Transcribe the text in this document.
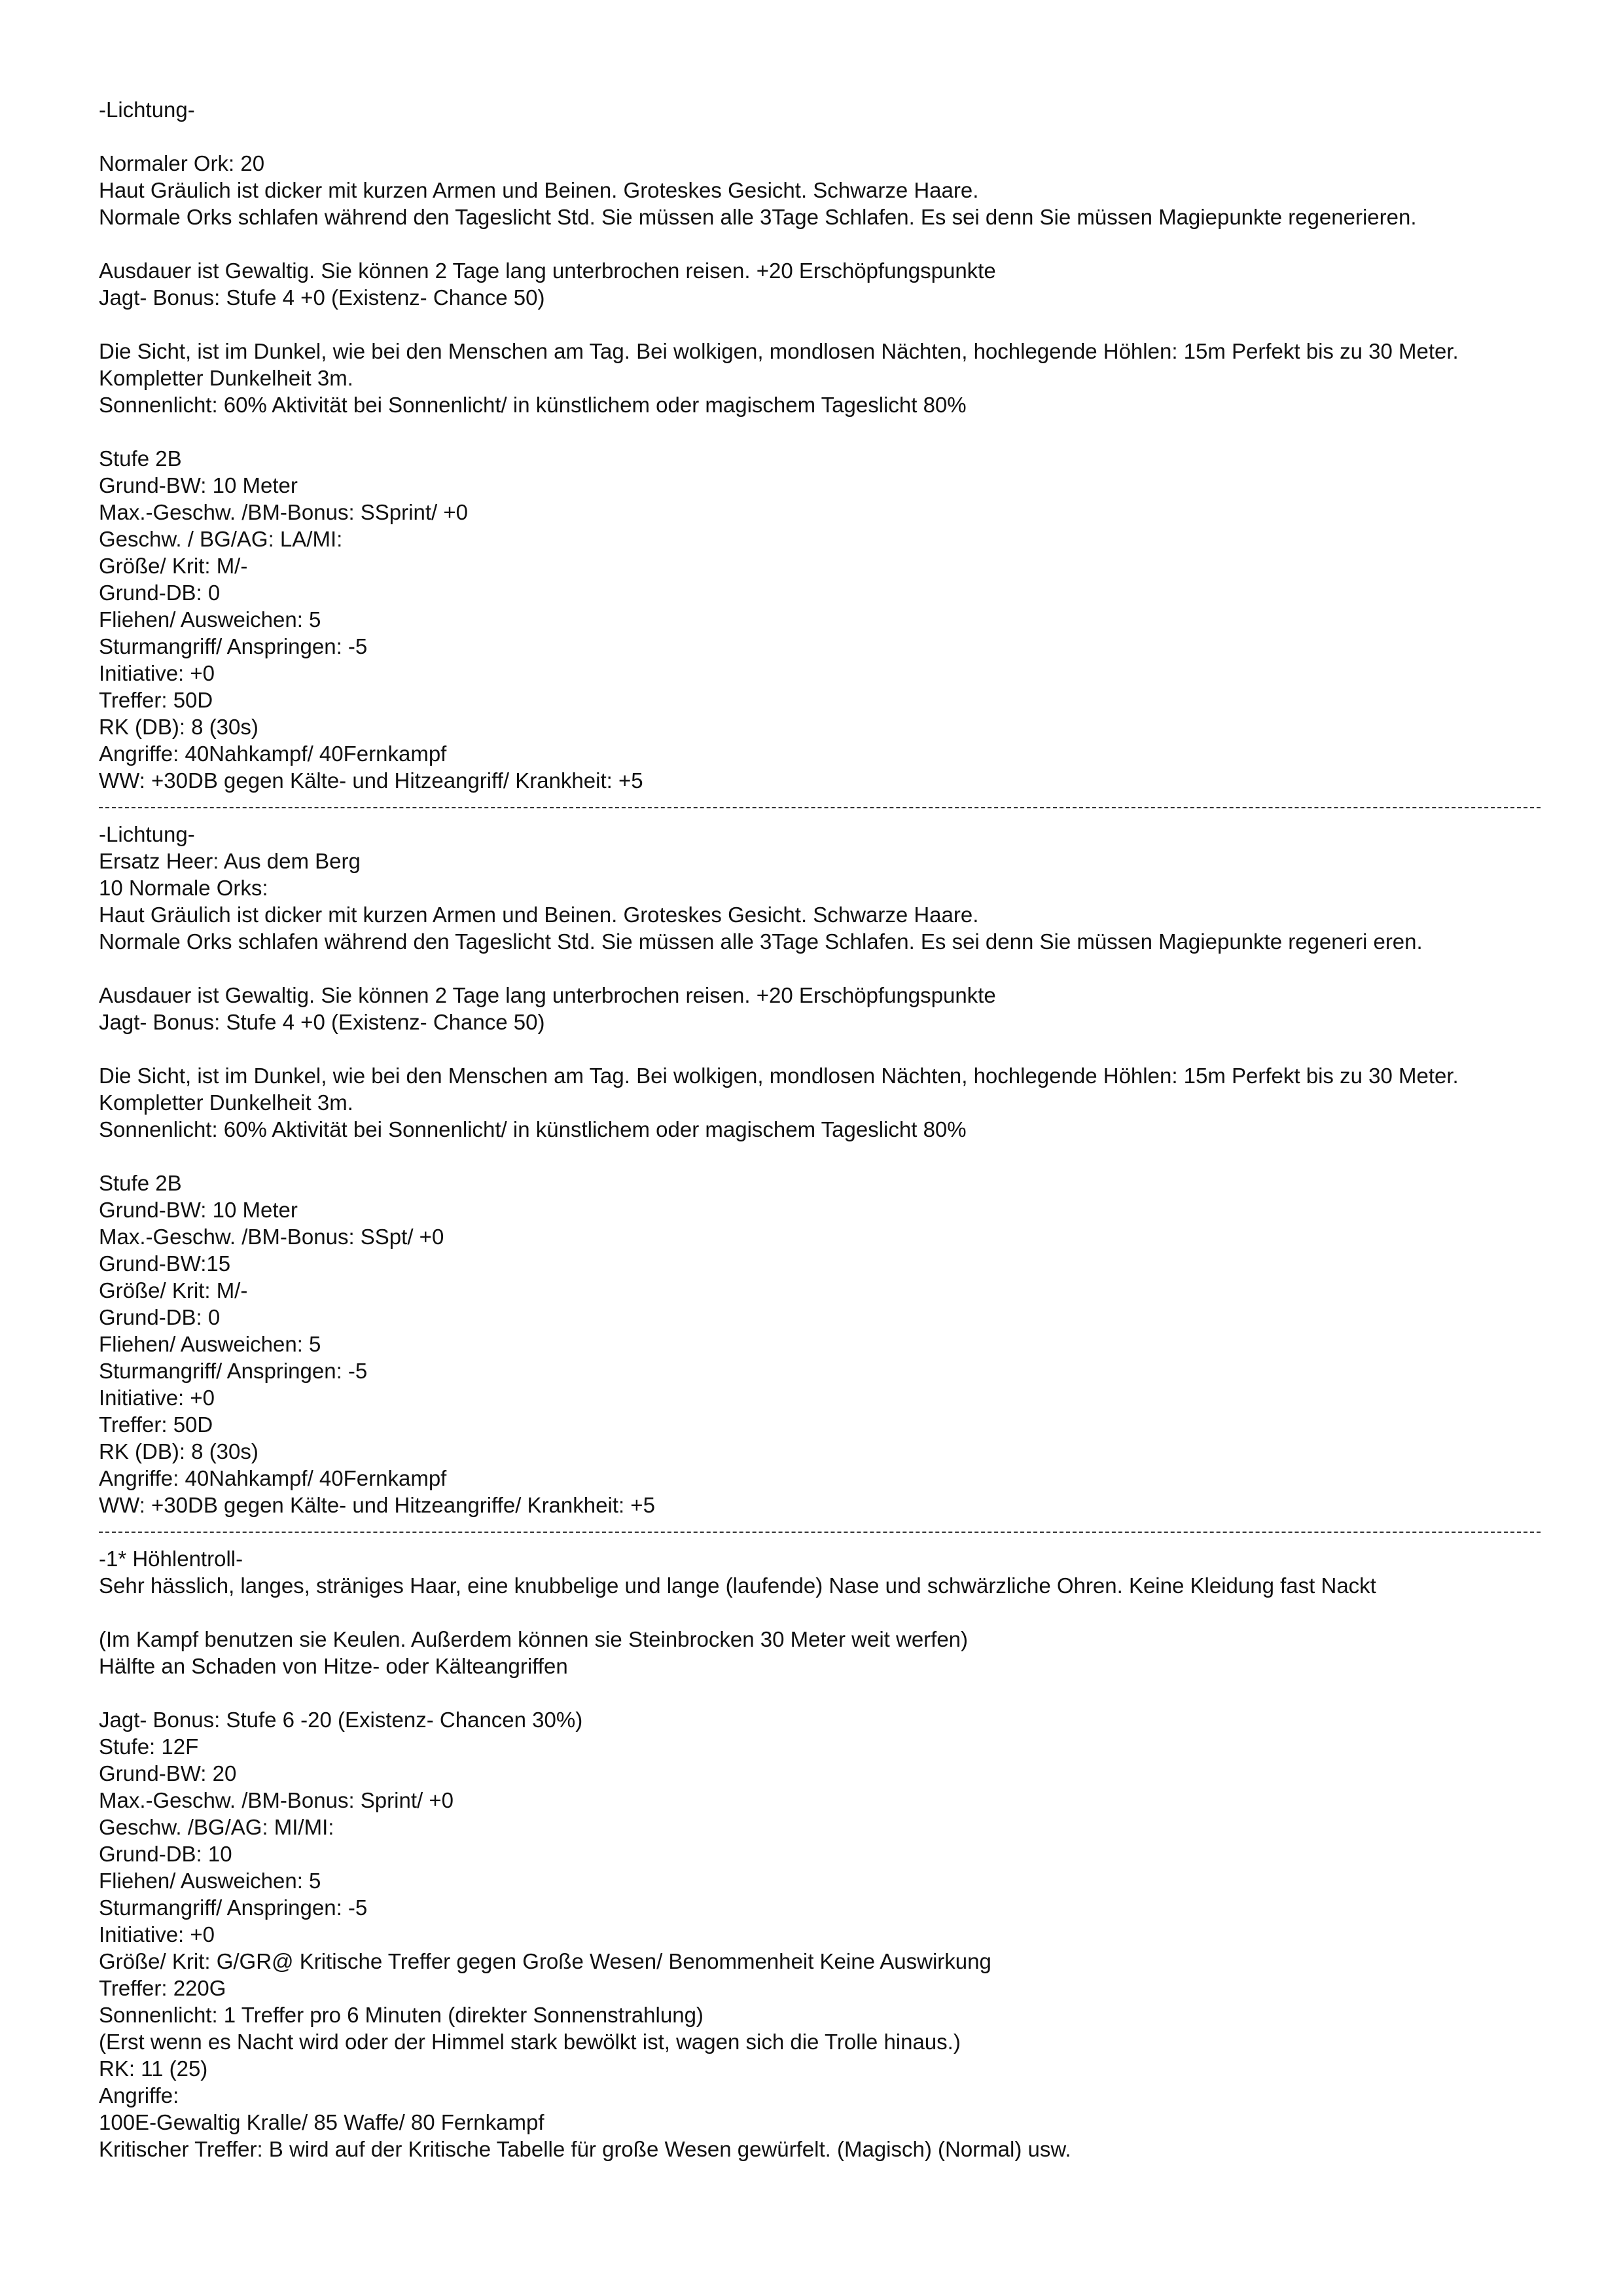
-Lichtung-
Normaler Ork: 20
Haut Gräulich ist dicker mit kurzen Armen und Beinen. Groteskes Gesicht. Schwarze Haare.
Normale Orks schlafen während den Tageslicht Std. Sie müssen alle 3Tage Schlafen. Es sei denn Sie müssen Magiepunkte regenerieren.
Ausdauer ist Gewaltig. Sie können 2 Tage lang unterbrochen reisen. +20 Erschöpfungspunkte
Jagt- Bonus: Stufe 4 +0 (Existenz- Chance 50)
Die Sicht, ist im Dunkel, wie bei den Menschen am Tag. Bei wolkigen, mondlosen Nächten, hochlegende Höhlen: 15m Perfekt bis zu 30 Meter.
Kompletter Dunkelheit 3m.
Sonnenlicht: 60% Aktivität bei Sonnenlicht/ in künstlichem oder magischem Tageslicht 80%
Stufe 2B
Grund-BW: 10 Meter
Max.-Geschw. /BM-Bonus: SSprint/ +0
Geschw. / BG/AG: LA/MI:
Größe/ Krit: M/-
Grund-DB: 0
Fliehen/ Ausweichen: 5
Sturmangriff/ Anspringen: -5
Initiative: +0
Treffer: 50D
RK (DB): 8 (30s)
Angriffe: 40Nahkampf/ 40Fernkampf
WW: +30DB gegen Kälte- und Hitzeangriff/ Krankheit: +5
-Lichtung-
Ersatz Heer: Aus dem Berg
10 Normale Orks:
Haut Gräulich ist dicker mit kurzen Armen und Beinen. Groteskes Gesicht. Schwarze Haare.
Normale Orks schlafen während den Tageslicht Std. Sie müssen alle 3Tage Schlafen. Es sei denn Sie müssen Magiepunkte regeneri eren.
Ausdauer ist Gewaltig. Sie können 2 Tage lang unterbrochen reisen. +20 Erschöpfungspunkte
Jagt- Bonus: Stufe 4 +0 (Existenz- Chance 50)
Die Sicht, ist im Dunkel, wie bei den Menschen am Tag. Bei wolkigen, mondlosen Nächten, hochlegende Höhlen: 15m Perfekt bis zu 30 Meter.
Kompletter Dunkelheit 3m.
Sonnenlicht: 60% Aktivität bei Sonnenlicht/ in künstlichem oder magischem Tageslicht 80%
Stufe 2B
Grund-BW: 10 Meter
Max.-Geschw. /BM-Bonus: SSpt/ +0
Grund-BW:15
Größe/ Krit: M/-
Grund-DB: 0
Fliehen/ Ausweichen: 5
Sturmangriff/ Anspringen: -5
Initiative: +0
Treffer: 50D
RK (DB): 8 (30s)
Angriffe: 40Nahkampf/ 40Fernkampf
WW: +30DB gegen Kälte- und Hitzeangriffe/ Krankheit: +5
-1* Höhlentroll-
Sehr hässlich, langes, sträniges Haar, eine knubbelige und lange (laufende) Nase und schwärzliche Ohren. Keine Kleidung fast Nackt
(Im Kampf benutzen sie Keulen. Außerdem können sie Steinbrocken 30 Meter weit werfen)
Hälfte an Schaden von Hitze- oder Kälteangriffen
Jagt- Bonus: Stufe 6 -20 (Existenz- Chancen 30%)
Stufe: 12F
Grund-BW: 20
Max.-Geschw. /BM-Bonus: Sprint/ +0
Geschw. /BG/AG: MI/MI:
Grund-DB: 10
Fliehen/ Ausweichen: 5
Sturmangriff/ Anspringen: -5
Initiative: +0
Größe/ Krit: G/GR@ Kritische Treffer gegen Große Wesen/ Benommenheit Keine Auswirkung
Treffer: 220G
Sonnenlicht: 1 Treffer pro 6 Minuten (direkter Sonnenstrahlung)
(Erst wenn es Nacht wird oder der Himmel stark bewölkt ist, wagen sich die Trolle hinaus.)
RK: 11 (25)
Angriffe:
100E-Gewaltig Kralle/ 85 Waffe/ 80 Fernkampf
Kritischer Treffer: B wird auf der Kritische Tabelle für große Wesen gewürfelt. (Magisch) (Normal) usw.
